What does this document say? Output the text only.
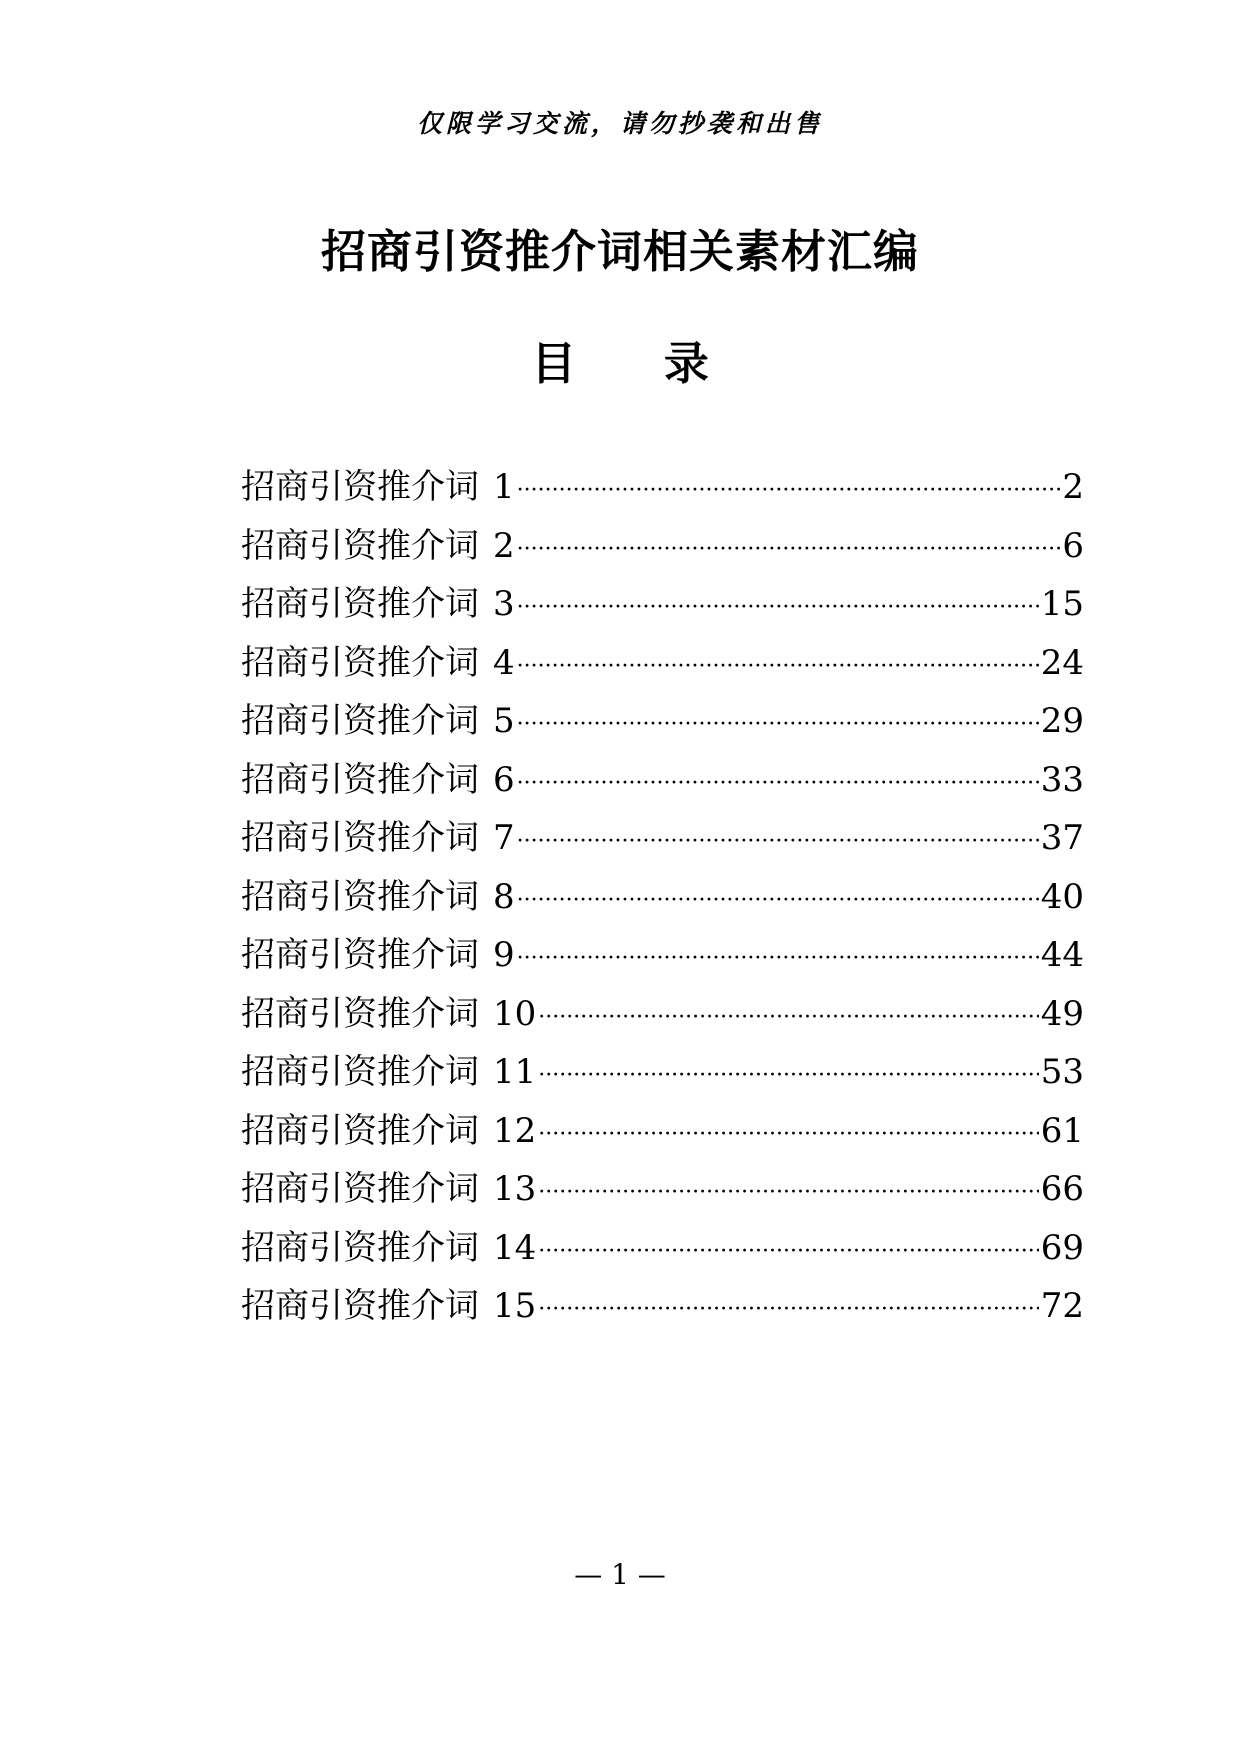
仅限学习交流，请勿抄袭和出售
招商引资推介词相关素材汇编
目 录
招商引资推介词 1 ·····	2
招商引资推介词 2 ·····	6
招商引资推介词 3 ·····	15
招商引资推介词 4 ·····	24
招商引资推介词 5 ·····	29
招商引资推介词 6 ·····	33
招商引资推介词 7 ·····	37
招商引资推介词 8 ·····	40
招商引资推介词 9 ·····	44
招商引资推介词 10 ·····	49
招商引资推介词 11 ·····	53
招商引资推介词 12 ·····	61
招商引资推介词 13 ·····	66
招商引资推介词 14 ·····	69
招商引资推介词 15 ·····	72
— 1 —
